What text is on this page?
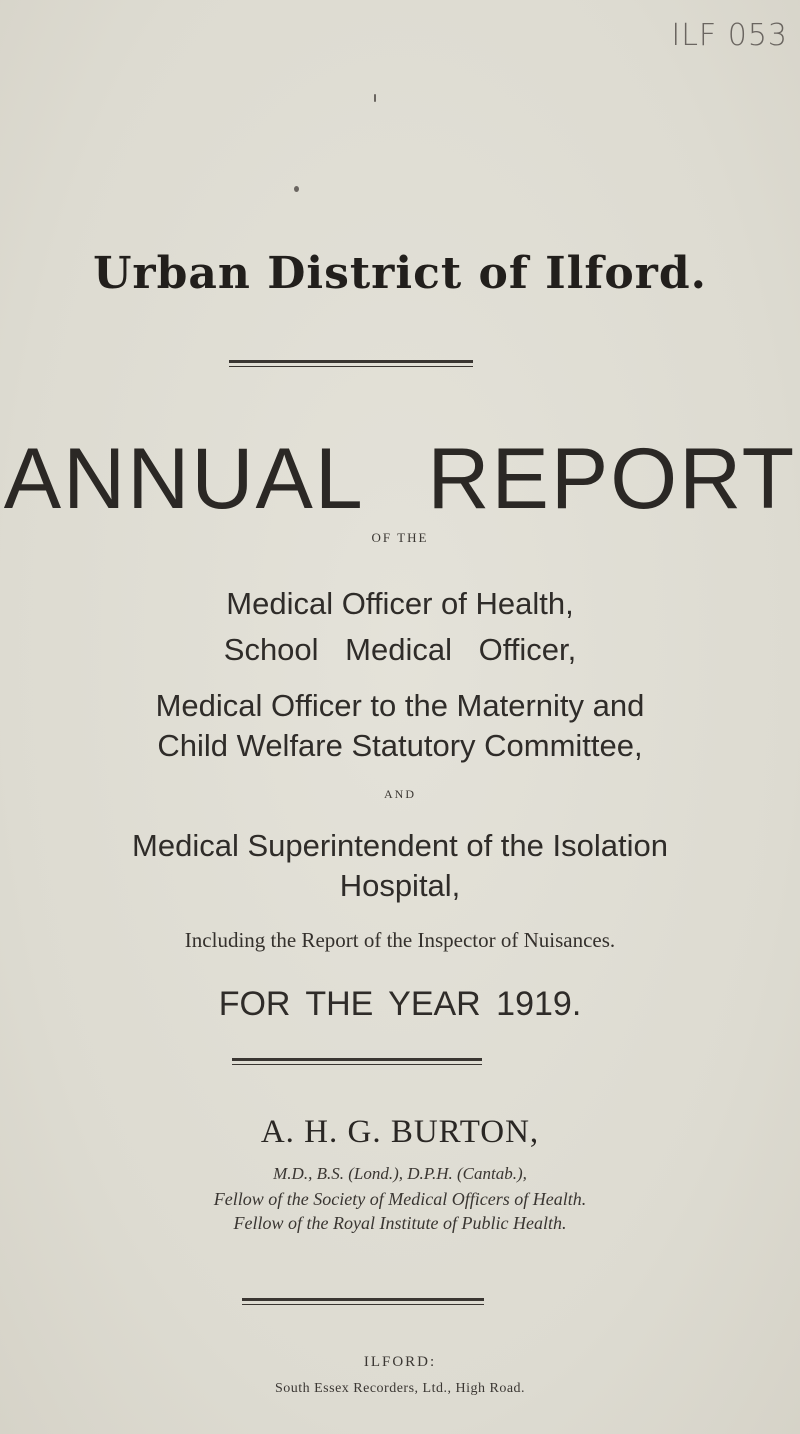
ILF 053
Urban District of Ilford.
ANNUAL REPORT
OF THE
Medical Officer of Health,
School Medical Officer,
Medical Officer to the Maternity and
Child Welfare Statutory Committee,
AND
Medical Superintendent of the Isolation
Hospital,
Including the Report of the Inspector of Nuisances.
FOR THE YEAR 1919.
A. H. G. BURTON,
M.D., B.S. (Lond.), D.P.H. (Cantab.),
Fellow of the Society of Medical Officers of Health.
Fellow of the Royal Institute of Public Health.
ILFORD:
South Essex Recorders, Ltd., High Road.
